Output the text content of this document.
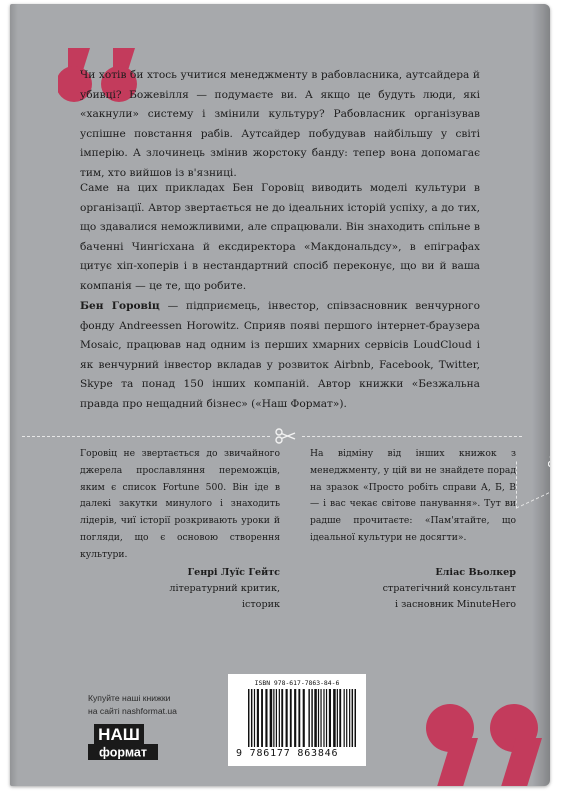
Чи хотів би хтось учитися менеджменту в рабовласника, аутсайдера й убивці? Божевілля — подумаєте ви. А якщо це будуть люди, які «хакнули» систему і змінили культуру? Рабовласник організував успішне повстання рабів. Аутсайдер побудував найбільшу у світі імперію. А злочинець змінив жорстоку банду: тепер вона допомагає тим, хто вийшов із в'язниці.

Саме на цих прикладах Бен Горовіц виводить моделі культури в організації. Автор звертається не до ідеальних історій успіху, а до тих, що здавалися неможливими, але спрацювали. Він знаходить спільне в баченні Чингісхана й ексдиректора «Макдональдсу», в епіграфах цитує хіп-хоперів і в нестандартний спосіб переконує, що ви й ваша компанія — це те, що робите.

Бен Горовіц — підприємець, інвестор, співзасновник венчурного фонду Andreessen Horowitz. Сприяв появі першого інтернет-браузера Mosaic, працював над одним із перших хмарних сервісів LoudCloud і як венчурний інвестор вкладав у розвиток Airbnb, Facebook, Twitter, Skype та понад 150 інших компаній. Автор книжки «Безжальна правда про нещадний бізнес» («Наш Формат»).

Горовіц не звертається до звичайного джерела прославляння переможців, яким є список Fortune 500. Він іде в далекі закутки минулого і знаходить лідерів, чиї історії розкривають уроки й погляди, що є основою створення культури.

Генрі Луїс Гейтс
літературний критик, історик

На відміну від інших книжок з менеджменту, у цій ви не знайдете порад на зразок «Просто робіть справи А, Б, В — і вас чекає світове панування». Тут ви радше прочитаєте: «Пам'ятайте, що ідеальної культури не досягти».

Еліас Вьолкер
стратегічний консультант
і засновник MinuteHero
Купуйте наші книжки
на сайті nashformat.ua
НАШ
формат
ISBN 978-617-7863-84-6
9 786177 863846
